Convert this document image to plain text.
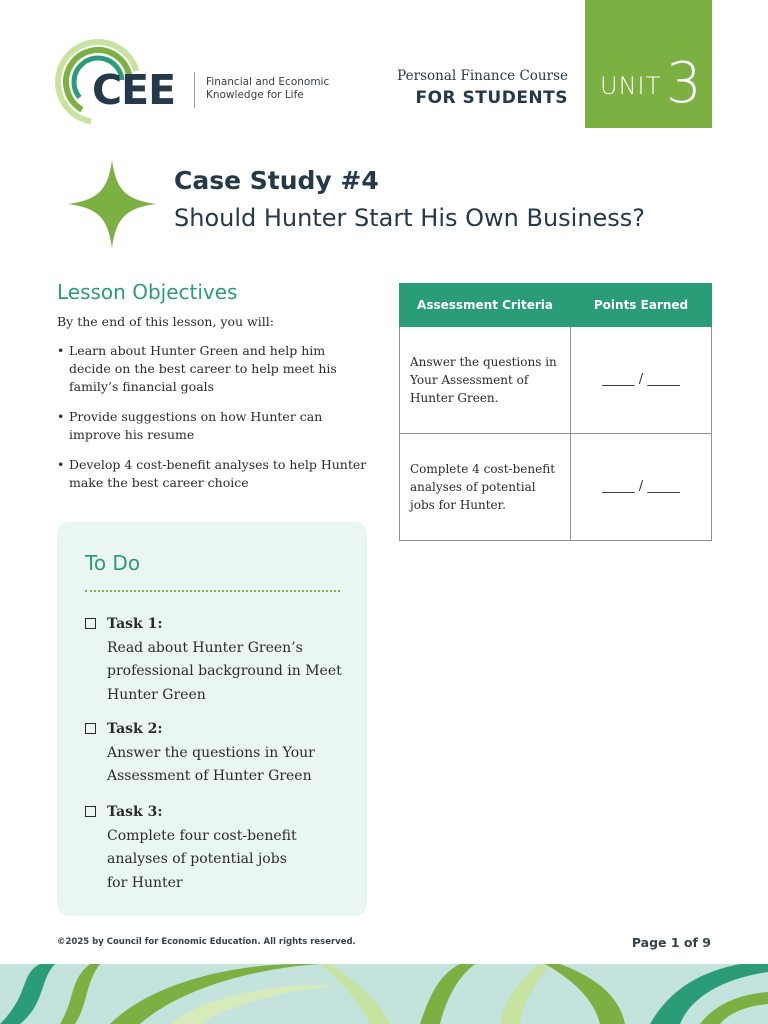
CEE	Financial and Economic
Knowledge for Life
Personal Finance Course
FOR STUDENTS UNIT 3
Case Study #4
Should Hunter Start His Own Business?
Lesson Objectives
By the end of this lesson, you will:
• Learn about Hunter Green and help him decide on the best career to help meet his family’s financial goals
• Provide suggestions on how Hunter can improve his resume
• Develop 4 cost-benefit analyses to help Hunter make the best career choice
Assessment Criteria	Points Earned
Answer the questions in Your Assessment of Hunter Green.	_____ / _____
Complete 4 cost-benefit analyses of potential jobs for Hunter.	_____ / _____
To Do
Task 1:
Read about Hunter Green’s professional background in Meet Hunter Green
Task 2:
Answer the questions in Your Assessment of Hunter Green
Task 3:
Complete four cost-benefit analyses of potential jobs for Hunter
©2025 by Council for Economic Education. All rights reserved.	Page 1 of 9
